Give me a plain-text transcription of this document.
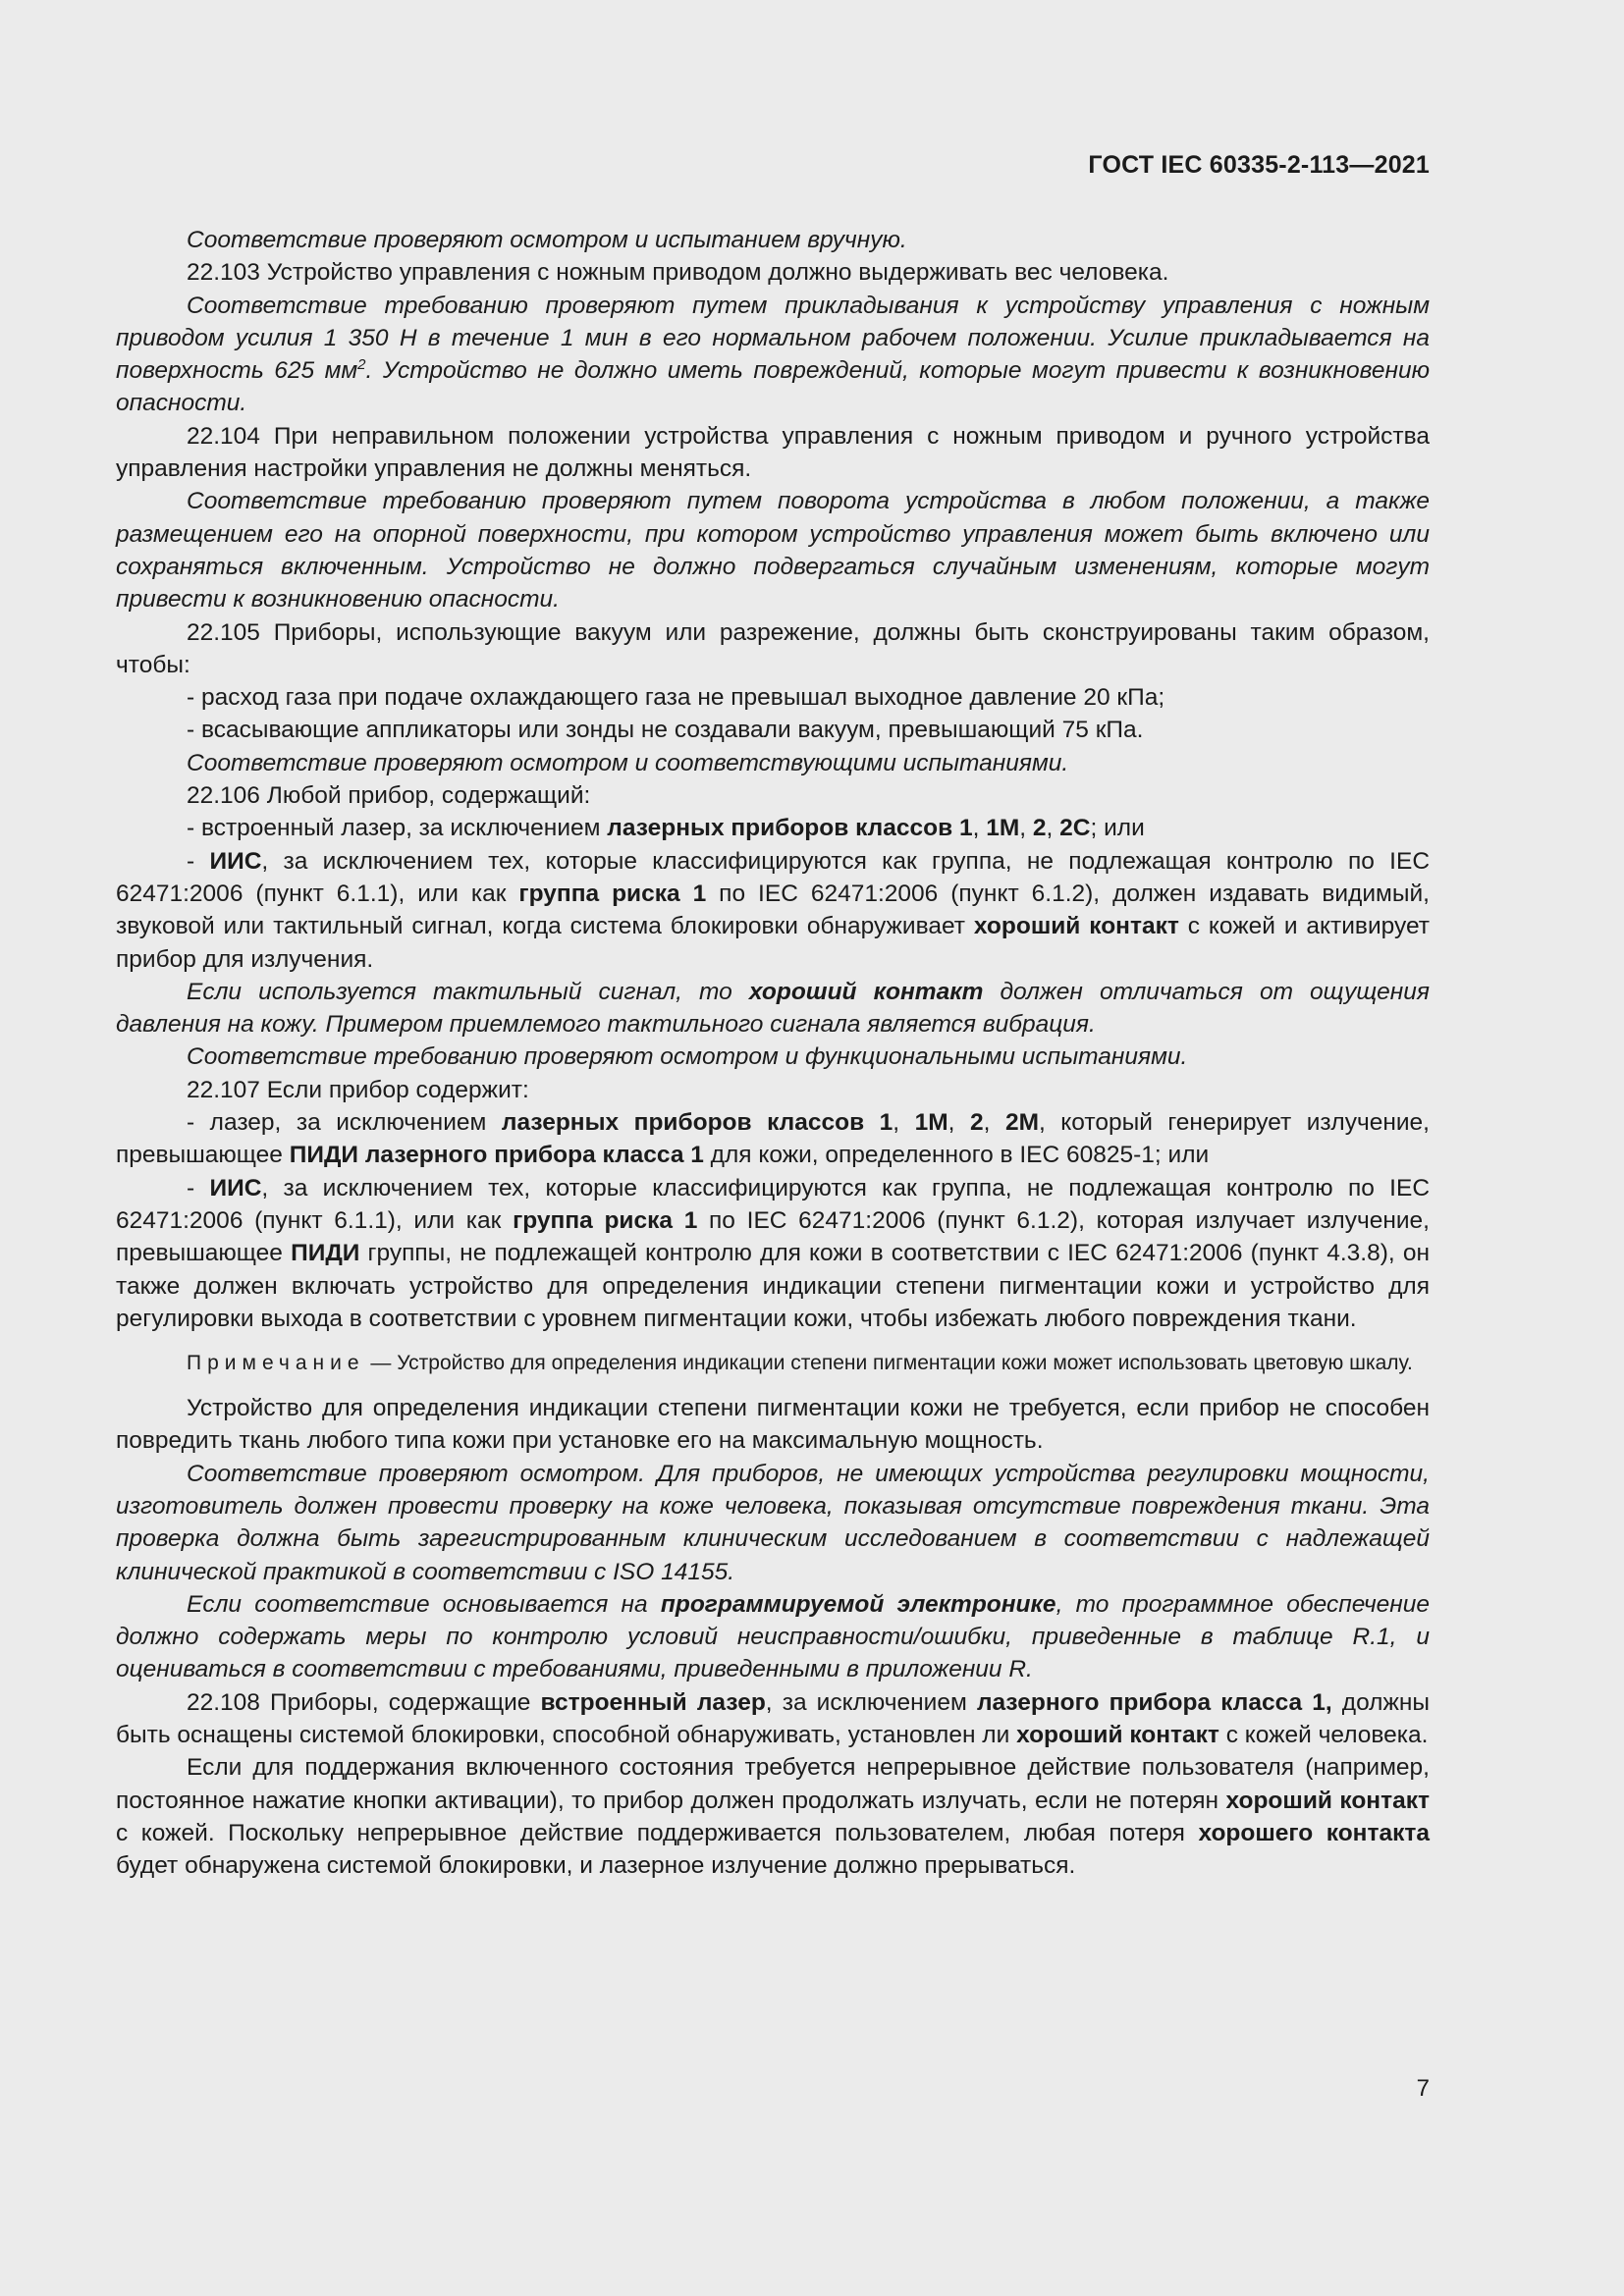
ГОСТ IEC 60335-2-113—2021

Соответствие проверяют осмотром и испытанием вручную.

22.103 Устройство управления с ножным приводом должно выдерживать вес человека.

Соответствие требованию проверяют путем прикладывания к устройству управления с ножным приводом усилия 1 350 Н в течение 1 мин в его нормальном рабочем положении. Усилие прикладывается на поверхность 625 $мм^2$. Устройство не должно иметь повреждений, которые могут привести к возникновению опасности.

22.104 При неправильном положении устройства управления с ножным приводом и ручного устройства управления настройки управления не должны меняться.

Соответствие требованию проверяют путем поворота устройства в любом положении, а также размещением его на опорной поверхности, при котором устройство управления может быть включено или сохраняться включенным. Устройство не должно подвергаться случайным изменениям, которые могут привести к возникновению опасности.

22.105 Приборы, использующие вакуум или разрежение, должны быть сконструированы таким образом, чтобы:

- расход газа при подаче охлаждающего газа не превышал выходное давление 20 кПа;

- всасывающие аппликаторы или зонды не создавали вакуум, превышающий 75 кПа.

Соответствие проверяют осмотром и соответствующими испытаниями.

22.106 Любой прибор, содержащий:

- встроенный лазер, за исключением лазерных приборов классов 1, 1М, 2, 2С; или

- ИИС, за исключением тех, которые классифицируются как группа, не подлежащая контролю по IEC 62471:2006 (пункт 6.1.1), или как группа риска 1 по IEC 62471:2006 (пункт 6.1.2), должен издавать видимый, звуковой или тактильный сигнал, когда система блокировки обнаруживает хороший контакт с кожей и активирует прибор для излучения.

Если используется тактильный сигнал, то хороший контакт должен отличаться от ощущения давления на кожу. Примером приемлемого тактильного сигнала является вибрация.

Соответствие требованию проверяют осмотром и функциональными испытаниями.

22.107 Если прибор содержит:

- лазер, за исключением лазерных приборов классов 1, 1М, 2, 2М, который генерирует излучение, превышающее ПИДИ лазерного прибора класса 1 для кожи, определенного в IEC 60825-1; или

- ИИС, за исключением тех, которые классифицируются как группа, не подлежащая контролю по IEC 62471:2006 (пункт 6.1.1), или как группа риска 1 по IEC 62471:2006 (пункт 6.1.2), которая излучает излучение, превышающее ПИДИ группы, не подлежащей контролю для кожи в соответствии с IEC 62471:2006 (пункт 4.3.8), он также должен включать устройство для определения индикации степени пигментации кожи и устройство для регулировки выхода в соответствии с уровнем пигментации кожи, чтобы избежать любого повреждения ткани.

Примечание — Устройство для определения индикации степени пигментации кожи может использовать цветовую шкалу.

Устройство для определения индикации степени пигментации кожи не требуется, если прибор не способен повредить ткань любого типа кожи при установке его на максимальную мощность.

Соответствие проверяют осмотром. Для приборов, не имеющих устройства регулировки мощности, изготовитель должен провести проверку на коже человека, показывая отсутствие повреждения ткани. Эта проверка должна быть зарегистрированным клиническим исследованием в соответствии с надлежащей клинической практикой в соответствии с ISO 14155.

Если соответствие основывается на программируемой электронике, то программное обеспечение должно содержать меры по контролю условий неисправности/ошибки, приведенные в таблице R.1, и оцениваться в соответствии с требованиями, приведенными в приложении R.

22.108 Приборы, содержащие встроенный лазер, за исключением лазерного прибора класса 1, должны быть оснащены системой блокировки, способной обнаруживать, установлен ли хороший контакт с кожей человека.

Если для поддержания включенного состояния требуется непрерывное действие пользователя (например, постоянное нажатие кнопки активации), то прибор должен продолжать излучать, если не потерян хороший контакт с кожей. Поскольку непрерывное действие поддерживается пользователем, любая потеря хорошего контакта будет обнаружена системой блокировки, и лазерное излучение должно прерываться.

7
